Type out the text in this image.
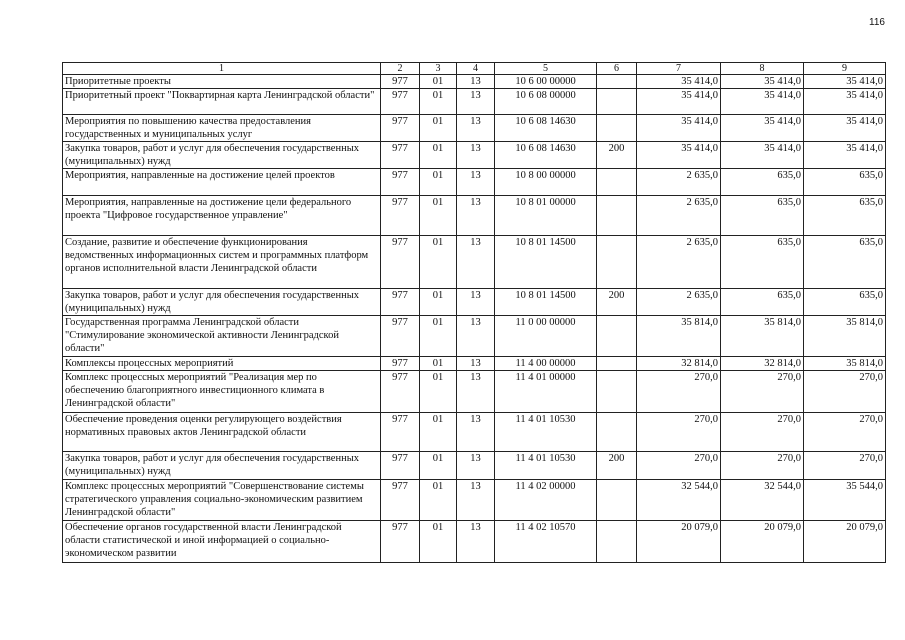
116
1	2	3	4	5	6	7	8	9
Приоритетные проекты	977	01	13	10 6 00 00000		35 414,0	35 414,0	35 414,0
Приоритетный проект "Поквартирная карта Ленинградской области"	977	01	13	10 6 08 00000		35 414,0	35 414,0	35 414,0
Мероприятия по повышению качества предоставления государственных и муниципальных услуг	977	01	13	10 6 08 14630		35 414,0	35 414,0	35 414,0
Закупка товаров, работ и услуг для обеспечения государственных (муниципальных) нужд	977	01	13	10 6 08 14630	200	35 414,0	35 414,0	35 414,0
Мероприятия, направленные на достижение целей проектов	977	01	13	10 8 00 00000		2 635,0	635,0	635,0
Мероприятия, направленные на достижение цели федерального проекта "Цифровое государственное управление"	977	01	13	10 8 01 00000		2 635,0	635,0	635,0
Создание, развитие и обеспечение функционирования ведомственных информационных систем и программных платформ органов исполнительной власти Ленинградской области	977	01	13	10 8 01 14500		2 635,0	635,0	635,0
Закупка товаров, работ и услуг для обеспечения государственных (муниципальных) нужд	977	01	13	10 8 01 14500	200	2 635,0	635,0	635,0
Государственная программа Ленинградской области "Стимулирование экономической активности Ленинградской области"	977	01	13	11 0 00 00000		35 814,0	35 814,0	35 814,0
Комплексы процессных мероприятий	977	01	13	11 4 00 00000		32 814,0	32 814,0	35 814,0
Комплекс процессных мероприятий "Реализация мер по обеспечению благоприятного инвестиционного климата в Ленинградской области"	977	01	13	11 4 01 00000		270,0	270,0	270,0
Обеспечение проведения оценки регулирующего воздействия нормативных правовых актов Ленинградской области	977	01	13	11 4 01 10530		270,0	270,0	270,0
Закупка товаров, работ и услуг для обеспечения государственных (муниципальных) нужд	977	01	13	11 4 01 10530	200	270,0	270,0	270,0
Комплекс процессных мероприятий "Совершенствование системы стратегического управления социально-экономическим развитием Ленинградской области"	977	01	13	11 4 02 00000		32 544,0	32 544,0	35 544,0
Обеспечение органов государственной власти Ленинградской области статистической и иной информацией о социально-экономическом развитии	977	01	13	11 4 02 10570		20 079,0	20 079,0	20 079,0
